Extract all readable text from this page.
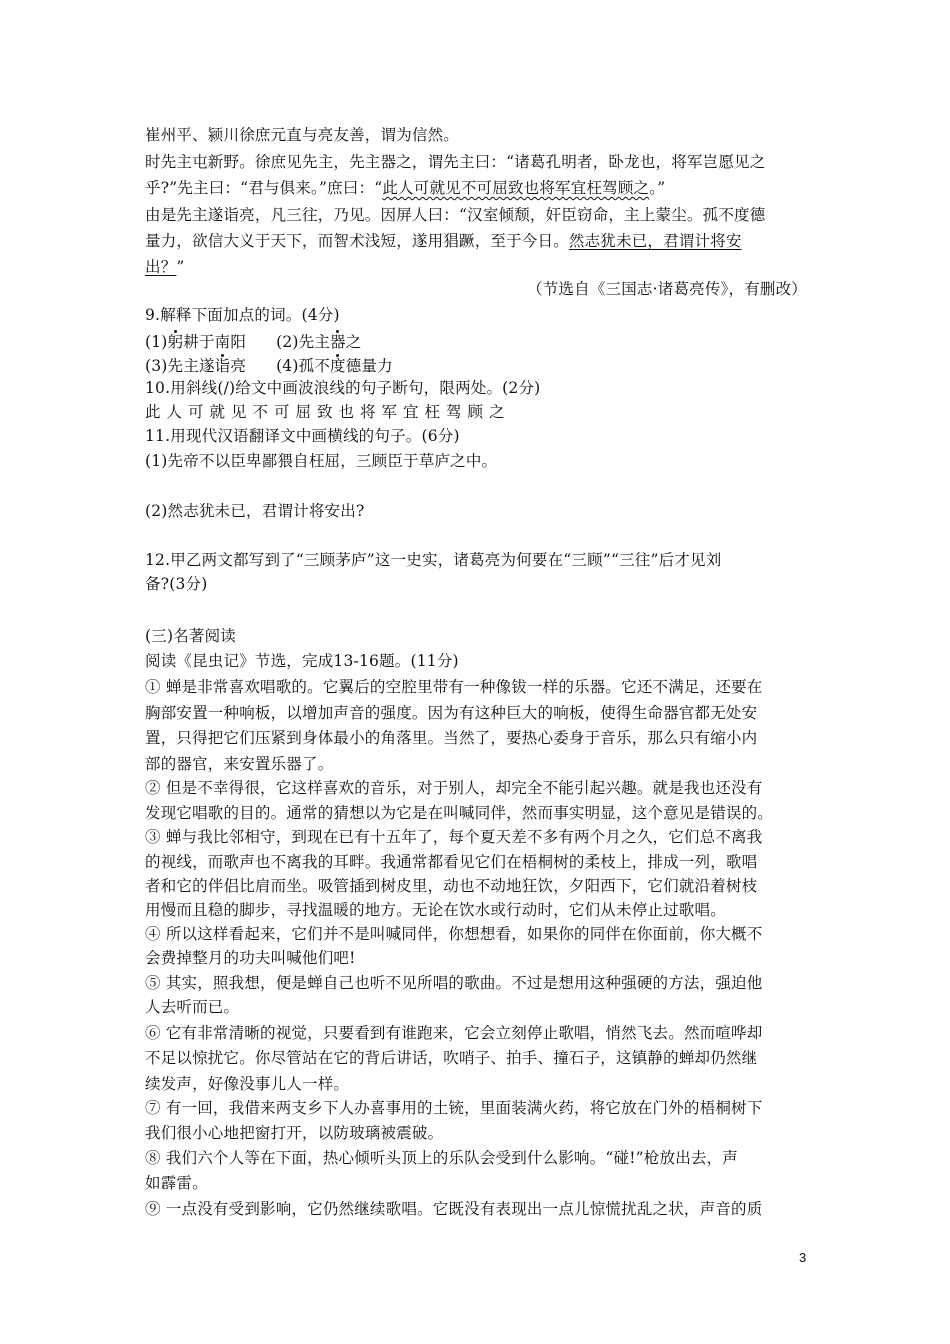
崔州平、颍川徐庶元直与亮友善，谓为信然。
时先主屯新野。徐庶见先主，先主器之，谓先主曰：“诸葛孔明者，卧龙也，将军岂愿见之
乎?”先主曰：“君与俱来。”庶曰：“此人可就见不可屈致也将军宜枉驾顾之。”
由是先主遂诣亮，凡三往，乃见。因屏人曰：“汉室倾颓，奸臣窃命，主上蒙尘。孤不度德
量力，欲信大义于天下，而智术浅短，遂用猖蹶，至于今日。然志犹未已，君谓计将安
出？”
（节选自《三国志·诸葛亮传》，有删改）
9.解释下面加点的词。(4分)
(1)躬耕于南阳 (2)先主器之
(3)先主遂诣亮 (4)孤不度德量力
10.用斜线(/)给文中画波浪线的句子断句，限两处。(2分)
此人可就见不可屈致也将军宜枉驾顾之
11.用现代汉语翻译文中画横线的句子。(6分)
(1)先帝不以臣卑鄙猥自枉屈，三顾臣于草庐之中。
(2)然志犹未已，君谓计将安出?
12.甲乙两文都写到了“三顾茅庐”这一史实，诸葛亮为何要在“三顾”“三往”后才见刘
备?(3分)
(三)名著阅读
阅读《昆虫记》节选，完成13-16题。(11分)
① 蝉是非常喜欢唱歌的。它翼后的空腔里带有一种像钹一样的乐器。它还不满足，还要在
胸部安置一种响板，以增加声音的强度。因为有这种巨大的响板，使得生命器官都无处安
置，只得把它们压紧到身体最小的角落里。当然了，要热心委身于音乐，那么只有缩小内
部的器官，来安置乐器了。
② 但是不幸得很，它这样喜欢的音乐，对于别人，却完全不能引起兴趣。就是我也还没有
发现它唱歌的目的。通常的猜想以为它是在叫喊同伴，然而事实明显，这个意见是错误的。
③ 蝉与我比邻相守，到现在已有十五年了，每个夏天差不多有两个月之久，它们总不离我
的视线，而歌声也不离我的耳畔。我通常都看见它们在梧桐树的柔枝上，排成一列，歌唱
者和它的伴侣比肩而坐。吸管插到树皮里，动也不动地狂饮，夕阳西下，它们就沿着树枝
用慢而且稳的脚步，寻找温暖的地方。无论在饮水或行动时，它们从未停止过歌唱。
④ 所以这样看起来，它们并不是叫喊同伴，你想想看，如果你的同伴在你面前，你大概不
会费掉整月的功夫叫喊他们吧!
⑤ 其实，照我想，便是蝉自己也听不见所唱的歌曲。不过是想用这种强硬的方法，强迫他
人去听而已。
⑥ 它有非常清晰的视觉，只要看到有谁跑来，它会立刻停止歌唱，悄然飞去。然而喧哗却
不足以惊扰它。你尽管站在它的背后讲话，吹哨子、拍手、撞石子，这镇静的蝉却仍然继
续发声，好像没事儿人一样。
⑦ 有一回，我借来两支乡下人办喜事用的土铳，里面装满火药，将它放在门外的梧桐树下
我们很小心地把窗打开，以防玻璃被震破。
⑧ 我们六个人等在下面，热心倾听头顶上的乐队会受到什么影响。“碰!”枪放出去，声
如霹雷。
⑨ 一点没有受到影响，它仍然继续歌唱。它既没有表现出一点儿惊慌扰乱之状，声音的质
3
